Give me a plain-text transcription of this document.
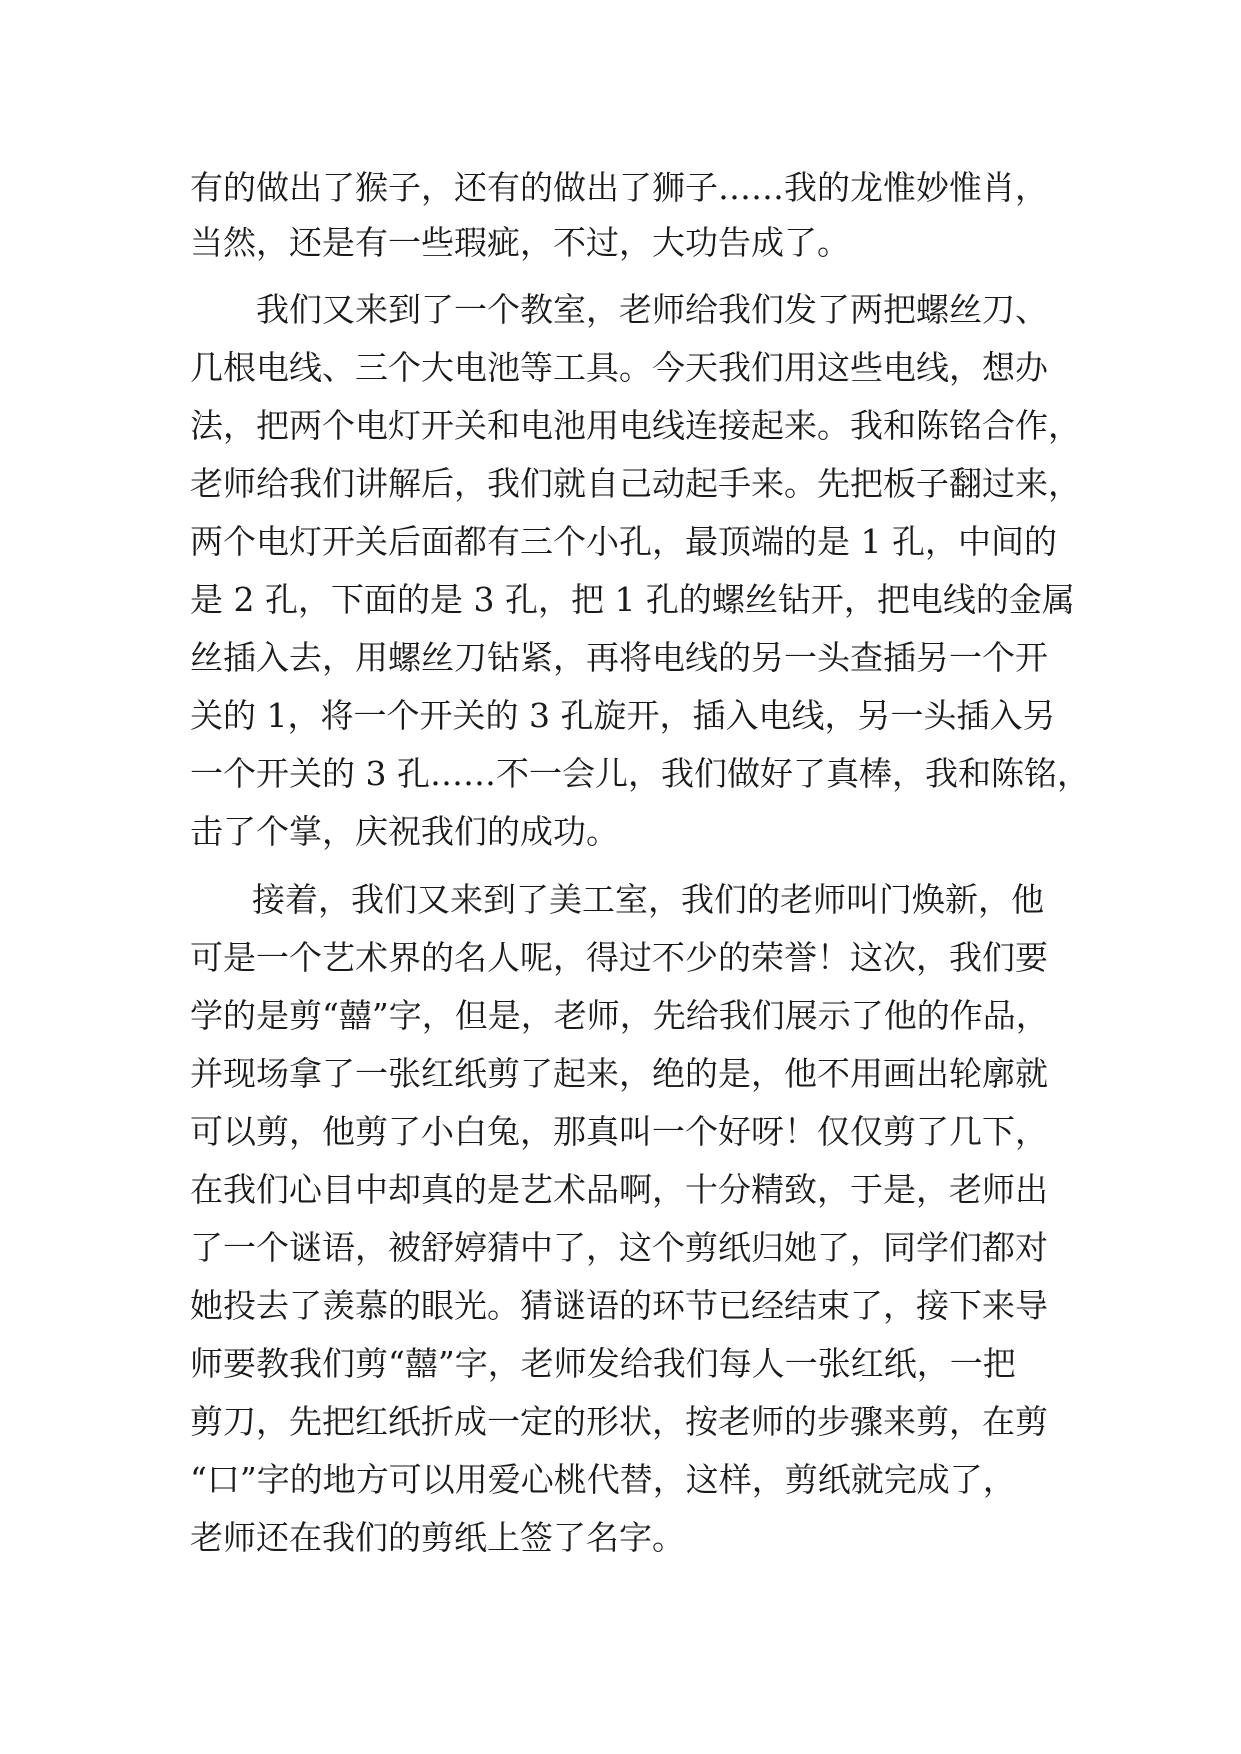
有的做出了猴子，还有的做出了狮子……我的龙惟妙惟肖，
当然，还是有一些瑕疵，不过，大功告成了。
我们又来到了一个教室，老师给我们发了两把螺丝刀、
几根电线、三个大电池等工具。今天我们用这些电线，想办
法，把两个电灯开关和电池用电线连接起来。我和陈铭合作，
老师给我们讲解后，我们就自己动起手来。先把板子翻过来，
两个电灯开关后面都有三个小孔，最顶端的是 1 孔，中间的
是 2 孔，下面的是 3 孔，把 1 孔的螺丝钻开，把电线的金属
丝插入去，用螺丝刀钻紧，再将电线的另一头查插另一个开
关的 1，将一个开关的 3 孔旋开，插入电线，另一头插入另
一个开关的 3 孔……不一会儿，我们做好了真棒，我和陈铭，
击了个掌，庆祝我们的成功。
接着，我们又来到了美工室，我们的老师叫门焕新，他
可是一个艺术界的名人呢，得过不少的荣誉！这次，我们要
学的是剪“囍”字，但是，老师，先给我们展示了他的作品，
并现场拿了一张红纸剪了起来，绝的是，他不用画出轮廓就
可以剪，他剪了小白兔，那真叫一个好呀！仅仅剪了几下，
在我们心目中却真的是艺术品啊，十分精致，于是，老师出
了一个谜语，被舒婷猜中了，这个剪纸归她了，同学们都对
她投去了羡慕的眼光。猜谜语的环节已经结束了，接下来导
师要教我们剪“囍”字，老师发给我们每人一张红纸，一把
剪刀，先把红纸折成一定的形状，按老师的步骤来剪，在剪
“口”字的地方可以用爱心桃代替，这样，剪纸就完成了，
老师还在我们的剪纸上签了名字。
